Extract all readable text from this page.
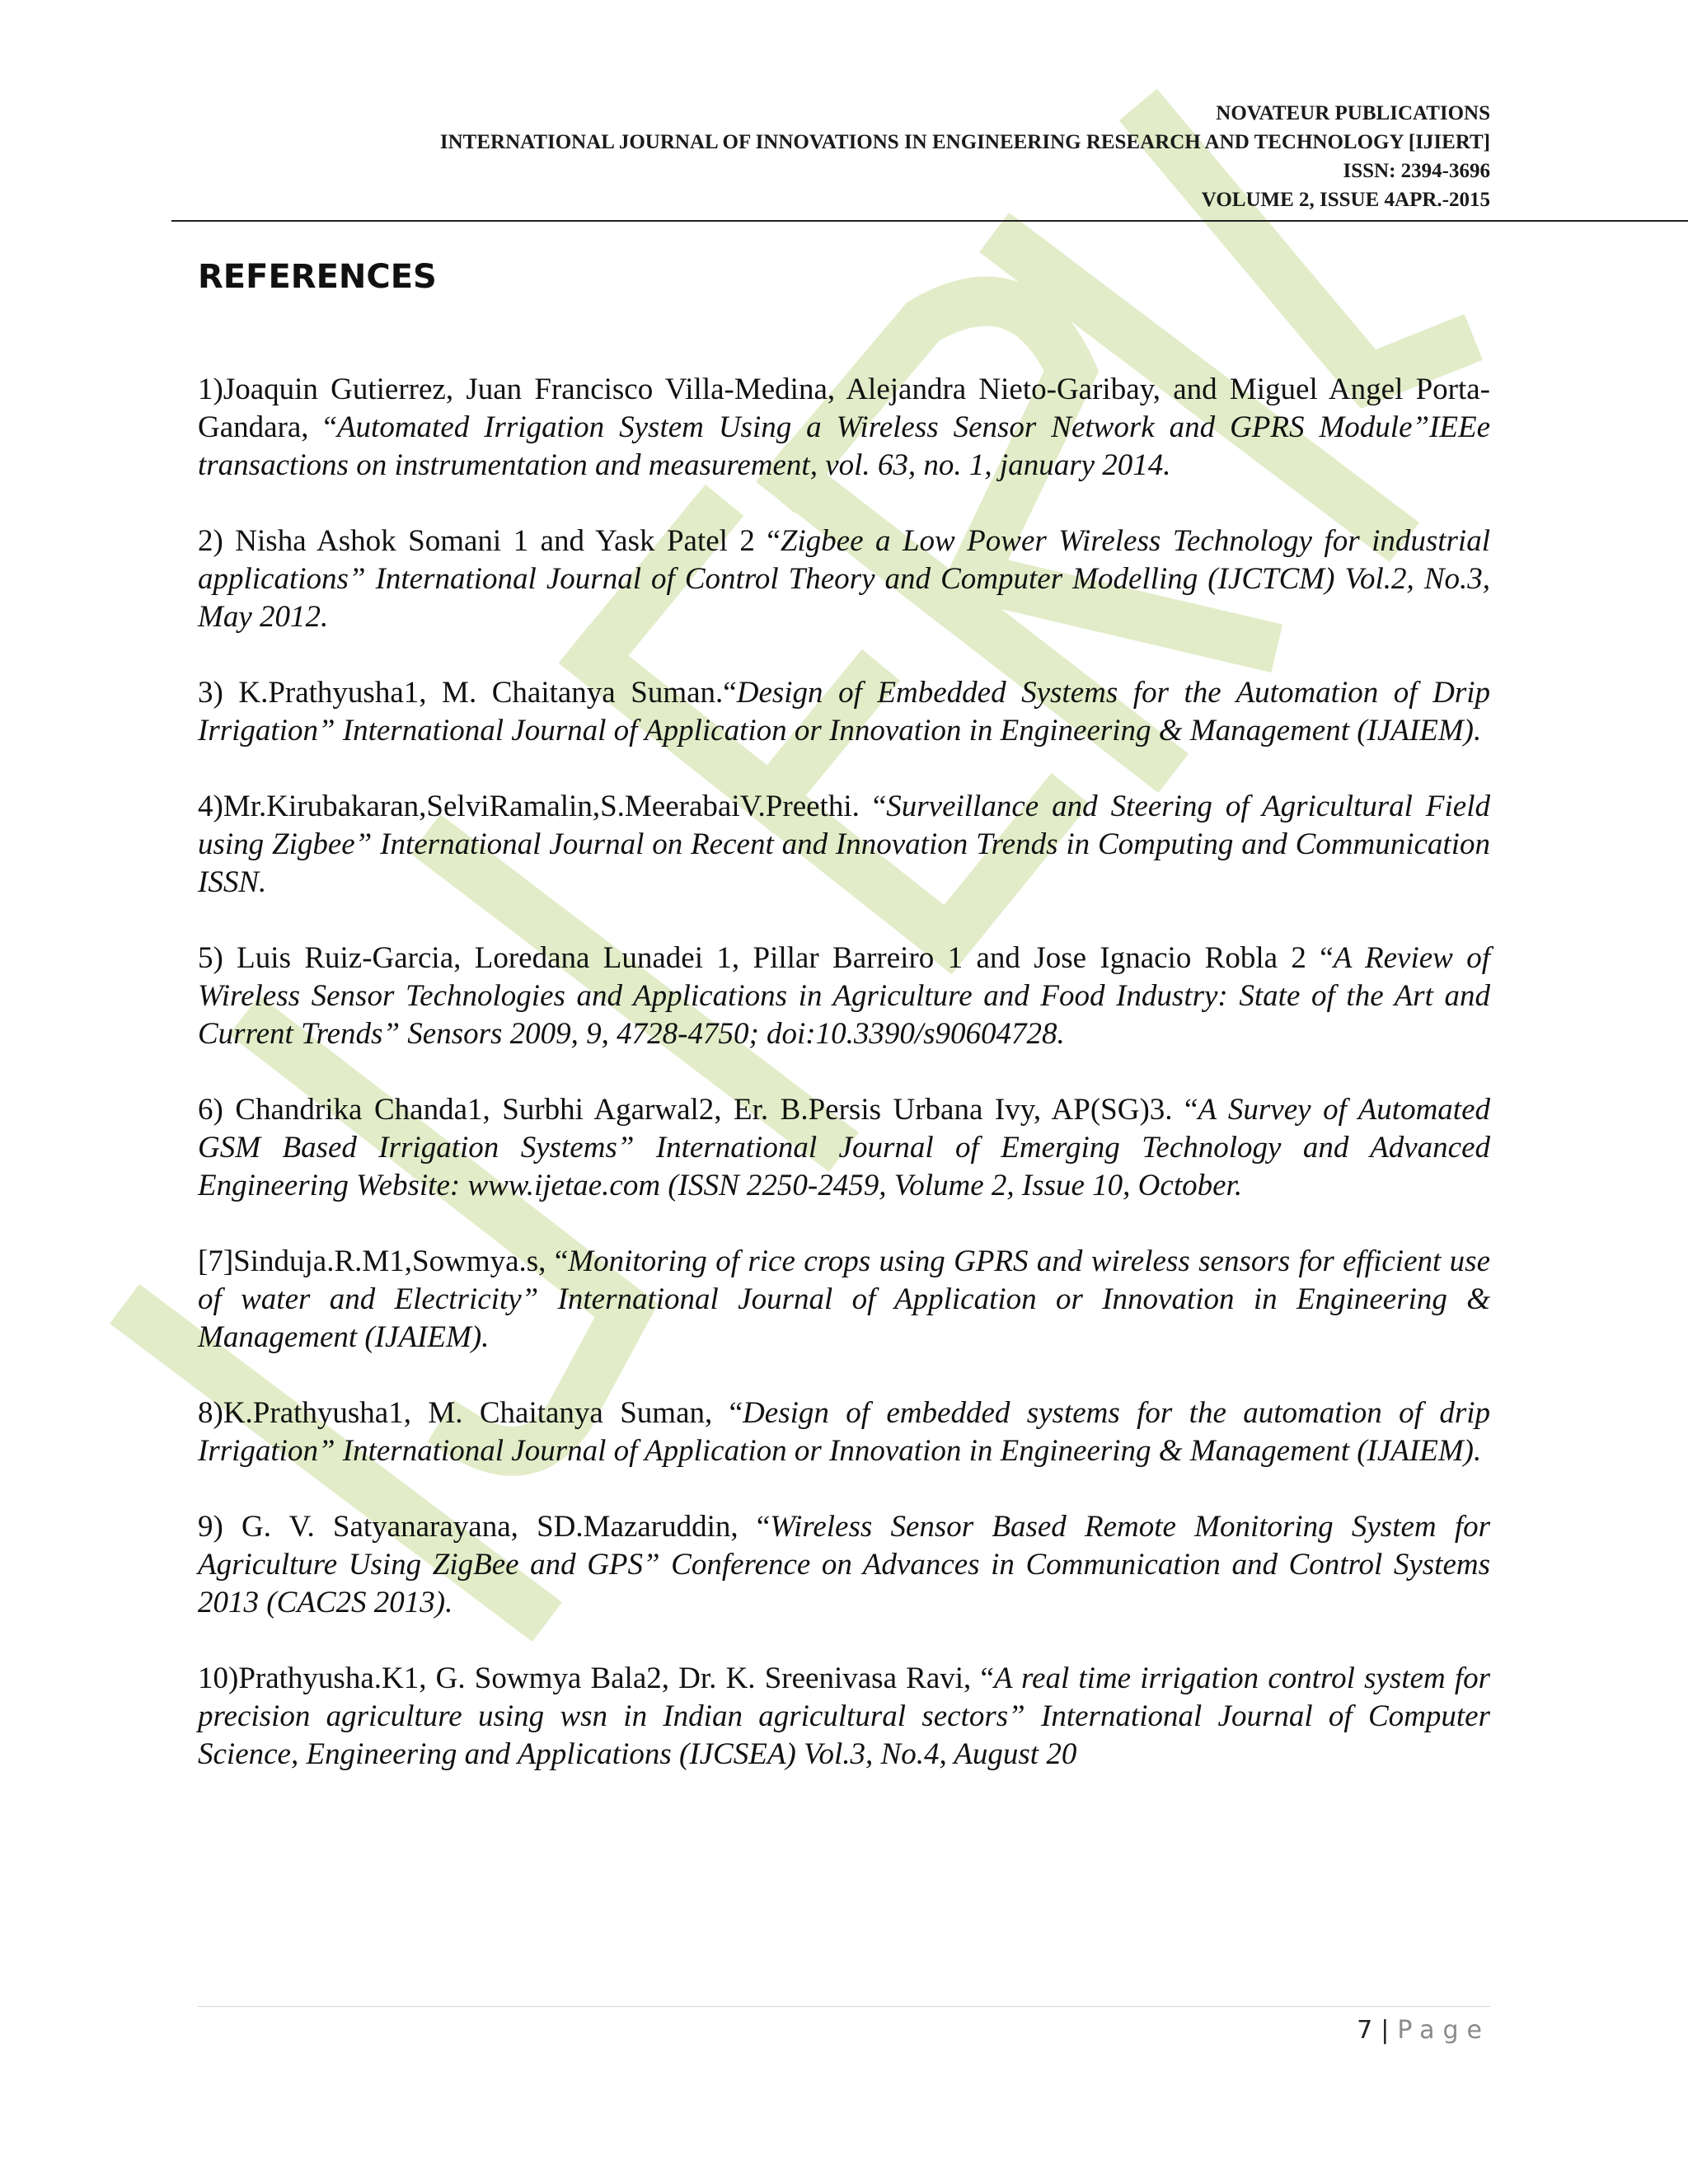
NOVATEUR PUBLICATIONS
INTERNATIONAL JOURNAL OF INNOVATIONS IN ENGINEERING RESEARCH AND TECHNOLOGY [IJIERT]
ISSN: 2394-3696
VOLUME 2, ISSUE 4APR.-2015
REFERENCES

1)Joaquin Gutierrez, Juan Francisco Villa-Medina, Alejandra Nieto-Garibay, and Miguel Angel Porta-Gandara, “Automated Irrigation System Using a Wireless Sensor Network and GPRS Module”IEEe transactions on instrumentation and measurement, vol. 63, no. 1, january 2014.

2) Nisha Ashok Somani 1 and Yask Patel 2 “Zigbee a Low Power Wireless Technology for industrial applications” International Journal of Control Theory and Computer Modelling (IJCTCM) Vol.2, No.3, May 2012.

3) K.Prathyusha1, M. Chaitanya Suman.“Design of Embedded Systems for the Automation of Drip Irrigation” International Journal of Application or Innovation in Engineering & Management (IJAIEM).

4)Mr.Kirubakaran,SelviRamalin,S.MeerabaiV.Preethi. “Surveillance and Steering of Agricultural Field using Zigbee” International Journal on Recent and Innovation Trends in Computing and Communication ISSN.

5) Luis Ruiz-Garcia, Loredana Lunadei 1, Pillar Barreiro 1 and Jose Ignacio Robla 2 “A Review of Wireless Sensor Technologies and Applications in Agriculture and Food Industry: State of the Art and Current Trends” Sensors 2009, 9, 4728-4750; doi:10.3390/s90604728.

6) Chandrika Chanda1, Surbhi Agarwal2, Er. B.Persis Urbana Ivy, AP(SG)3. “A Survey of Automated GSM Based Irrigation Systems” International Journal of Emerging Technology and Advanced Engineering Website: www.ijetae.com (ISSN 2250-2459, Volume 2, Issue 10, October.

[7]Sinduja.R.M1,Sowmya.s, “Monitoring of rice crops using GPRS and wireless sensors for efficient use of water and Electricity” International Journal of Application or Innovation in Engineering & Management (IJAIEM).

8)K.Prathyusha1, M. Chaitanya Suman, “Design of embedded systems for the automation of drip Irrigation” International Journal of Application or Innovation in Engineering & Management (IJAIEM).

9) G. V. Satyanarayana, SD.Mazaruddin, “Wireless Sensor Based Remote Monitoring System for Agriculture Using ZigBee and GPS” Conference on Advances in Communication and Control Systems 2013 (CAC2S 2013).

10)Prathyusha.K1, G. Sowmya Bala2, Dr. K. Sreenivasa Ravi, “A real time irrigation control system for precision agriculture using wsn in Indian agricultural sectors” International Journal of Computer Science, Engineering and Applications (IJCSEA) Vol.3, No.4, August 20

7 | Page
